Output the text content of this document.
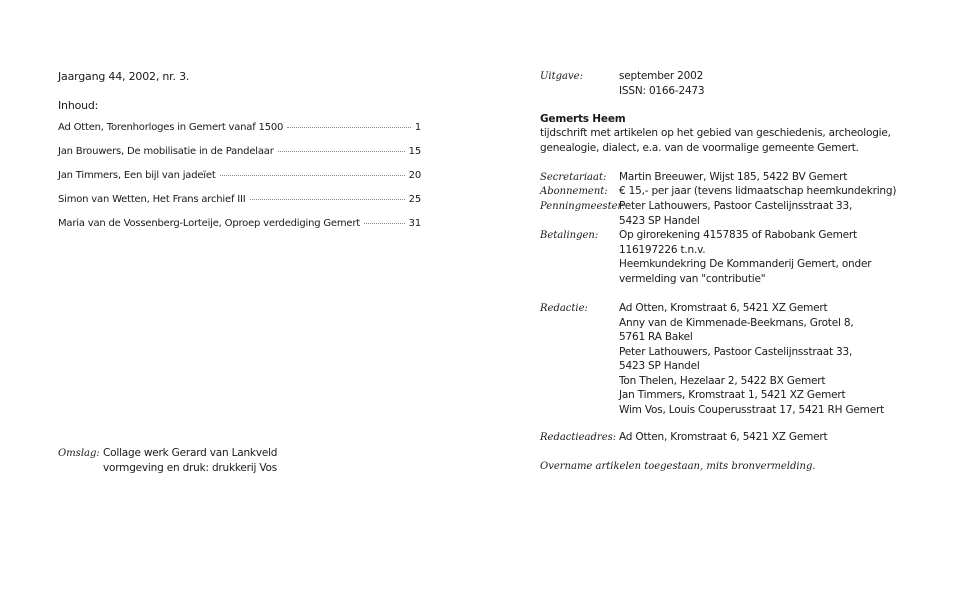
Jaargang 44, 2002, nr. 3.
Inhoud:
Ad Otten, Torenhorloges in Gemert vanaf 1500	1
Jan Brouwers, De mobilisatie in de Pandelaar	15
Jan Timmers, Een bijl van jadeïet	20
Simon van Wetten, Het Frans archief III	25
Maria van de Vossenberg-Lorteije, Oproep verdediging Gemert	31
Omslag: Collage werk Gerard van Lankveld
vormgeving en druk: drukkerij Vos
Uitgave:	september 2002
ISSN: 0166-2473
Gemerts Heem
tijdschrift met artikelen op het gebied van geschiedenis, archeologie,
genealogie, dialect, e.a. van de voormalige gemeente Gemert.
Secretariaat: Martin Breeuwer, Wijst 185, 5422 BV Gemert
Abonnement: € 15,- per jaar (tevens lidmaatschap heemkundekring)
Penningmeester:
Peter Lathouwers, Pastoor Castelijnsstraat 33,
5423 SP Handel
Betalingen: Op girorekening 4157835 of Rabobank Gemert
116197226 t.n.v.
Heemkundekring De Kommanderij Gemert, onder
vermelding van "contributie"
Redactie:	Ad Otten, Kromstraat 6, 5421 XZ Gemert
Anny van de Kimmenade-Beekmans, Grotel 8,
5761 RA Bakel
Peter Lathouwers, Pastoor Castelijnsstraat 33,
5423 SP Handel
Ton Thelen, Hezelaar 2, 5422 BX Gemert
Jan Timmers, Kromstraat 1, 5421 XZ Gemert
Wim Vos, Louis Couperusstraat 17, 5421 RH Gemert
Redactieadres: Ad Otten, Kromstraat 6, 5421 XZ Gemert
Overname artikelen toegestaan, mits bronvermelding.
